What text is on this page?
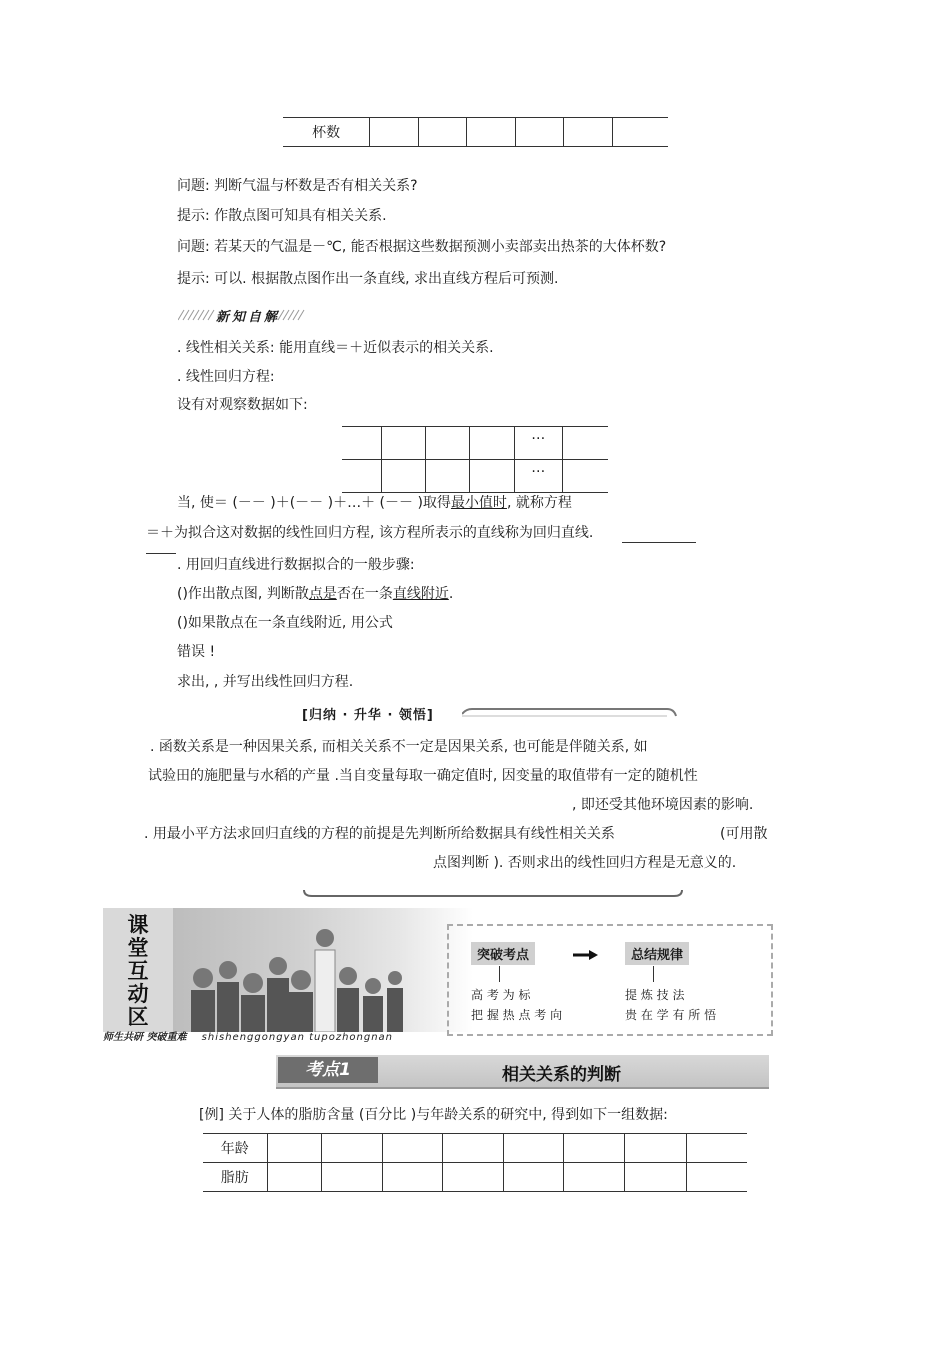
杯数						
问题: 判断气温与杯数是否有相关关系?
提示: 作散点图可知具有相关关系.
问题: 若某天的气温是－℃, 能否根据这些数据预测小卖部卖出热茶的大体杯数?
提示: 可以. 根据散点图作出一条直线, 求出直线方程后可预测.
新知自解
. 线性相关关系: 能用直线＝＋近似表示的相关关系.
. 线性回归方程:
设有对观察数据如下:
				…	
				…	
当, 使＝ (－－ )＋(－－ )＋…＋ (－－ )取得最小值时, 就称方程
＝＋为拟合这对数据的线性回归方程, 该方程所表示的直线称为回归直线.
. 用回归直线进行数据拟合的一般步骤:
()作出散点图, 判断散点是否在一条直线附近.
()如果散点在一条直线附近, 用公式
错误 !
求出, , 并写出线性回归方程.
[归纳 · 升华 · 领悟]
. 函数关系是一种因果关系, 而相关关系不一定是因果关系, 也可能是伴随关系, 如
试验田的施肥量与水稻的产量 .当自变量每取一确定值时, 因变量的取值带有一定的随机性
, 即还受其他环境因素的影响.
. 用最小平方法求回归直线的方程的前提是先判断所给数据具有线性相关关系	(可用散
点图判断 ). 否则求出的线性回归方程是无意义的.
课
堂
互
动
区
师生共研 突破重难 shishenggongyan tupozhongnan
突破考点	总结规律
高 考 为 标
把 握 热 点 考 向
提 炼 技 法
贵 在 学 有 所 悟
考点1	相关关系的判断
[例] 关于人体的脂肪含量 (百分比 )与年龄关系的研究中, 得到如下一组数据:
年龄								
脂肪								
